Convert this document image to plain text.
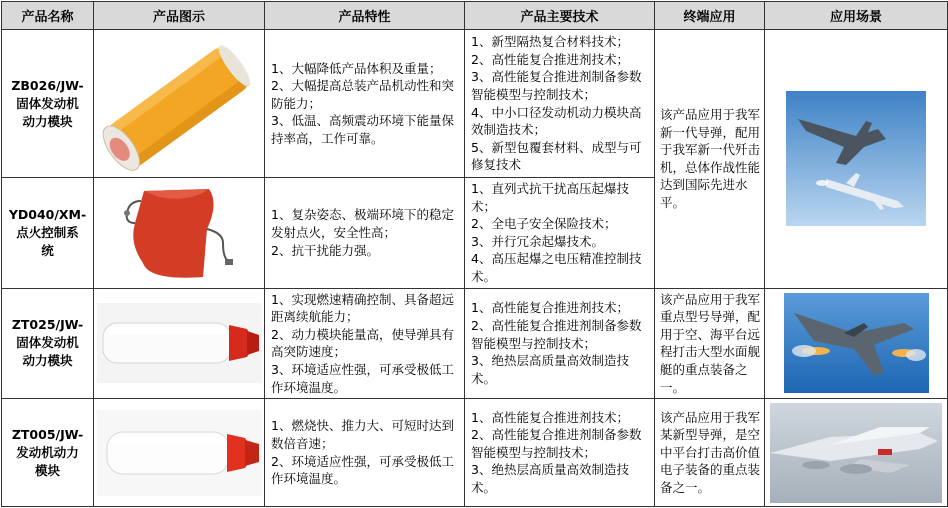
产品名称	产品图示	产品特性	产品主要技术	终端应用	应用场景
ZB026/JW-
固体发动机
动力模块		1、大幅降低产品体积及重量；
2、大幅提高总装产品机动性和突防能力；
3、低温、高频震动环境下能量保持率高，工作可靠。	1、新型隔热复合材料技术；
2、高性能复合推进剂技术；
3、高性能复合推进剂制备参数智能模型与控制技术；
4、中小口径发动机动力模块高效制造技术；
5、新型包覆套材料、成型与可修复技术	该产品应用于我军新一代导弹，配用于我军新一代歼击机，总体作战性能达到国际先进水平。	

YD040/XM-
点火控制系
统		1、复杂姿态、极端环境下的稳定发射点火，安全性高；
2、抗干扰能力强。	1、直列式抗干扰高压起爆技术；
2、全电子安全保险技术；
3、并行冗余起爆技术。
4、高压起爆之电压精准控制技术。		
ZT025/JW-
固体发动机
动力模块		1、实现燃速精确控制、具备超远距离续航能力；
2、动力模块能量高，使导弹具有高突防速度；
3、环境适应性强，可承受极低工作环境温度。	1、高性能复合推进剂技术；
2、高性能复合推进剂制备参数智能模型与控制技术；
3、绝热层高质量高效制造技术。	该产品应用于我军重点型号导弹，配用于空、海平台远程打击大型水面舰艇的重点装备之一。	

ZT005/JW-
发动机动力
模块		1、燃烧快、推力大、可短时达到数倍音速；
2、环境适应性强，可承受极低工作环境温度。	1、高性能复合推进剂技术；
2、高性能复合推进剂制备参数智能模型与控制技术；
3、绝热层高质量高效制造技术。	该产品应用于我军某新型导弹，是空中平台打击高价值电子装备的重点装备之一。	
